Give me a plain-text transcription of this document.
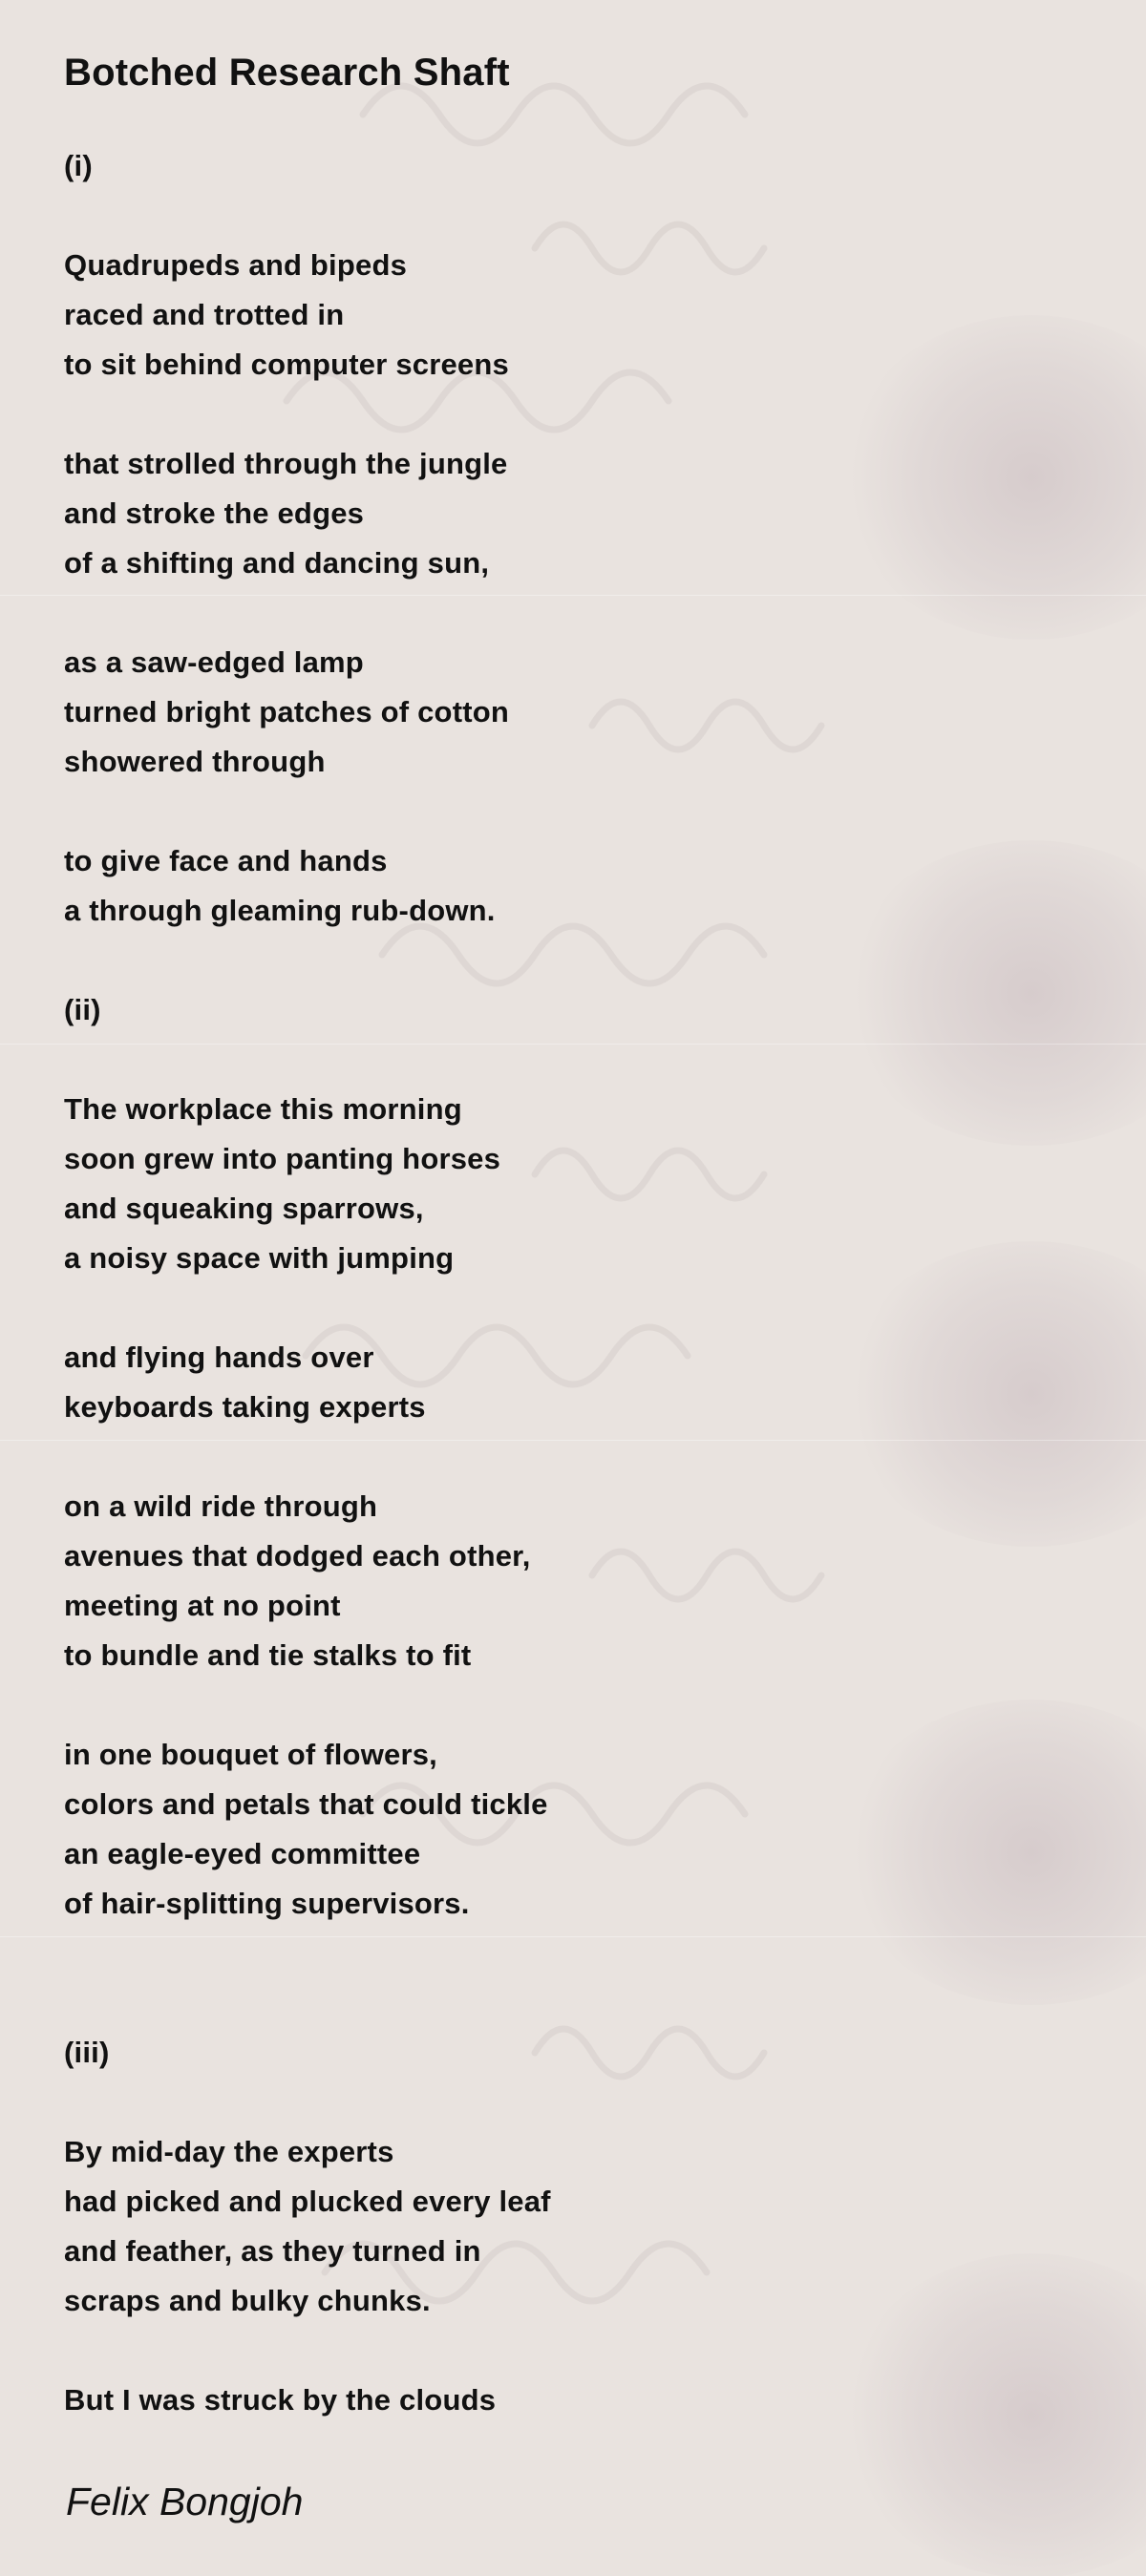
Botched Research Shaft
(i)
Quadrupeds and bipeds
raced and trotted in
to sit behind computer screens
that strolled through the jungle
and stroke the edges
of a shifting and dancing sun,
as a saw-edged lamp
turned bright patches of cotton
showered through
to give face and hands
a through gleaming rub-down.
(ii)
The workplace this morning
soon grew into panting horses
and squeaking sparrows,
a noisy space with jumping
and flying hands over
keyboards taking experts
on a wild ride through
avenues that dodged each other,
meeting at no point
to bundle and tie stalks to fit
in one bouquet of flowers,
colors and petals that could tickle
an eagle-eyed committee
of hair-splitting supervisors.
(iii)
By mid-day the experts
had picked and plucked every leaf
and feather, as they turned in
scraps and bulky chunks.
But I was struck by the clouds
Felix Bongjoh
